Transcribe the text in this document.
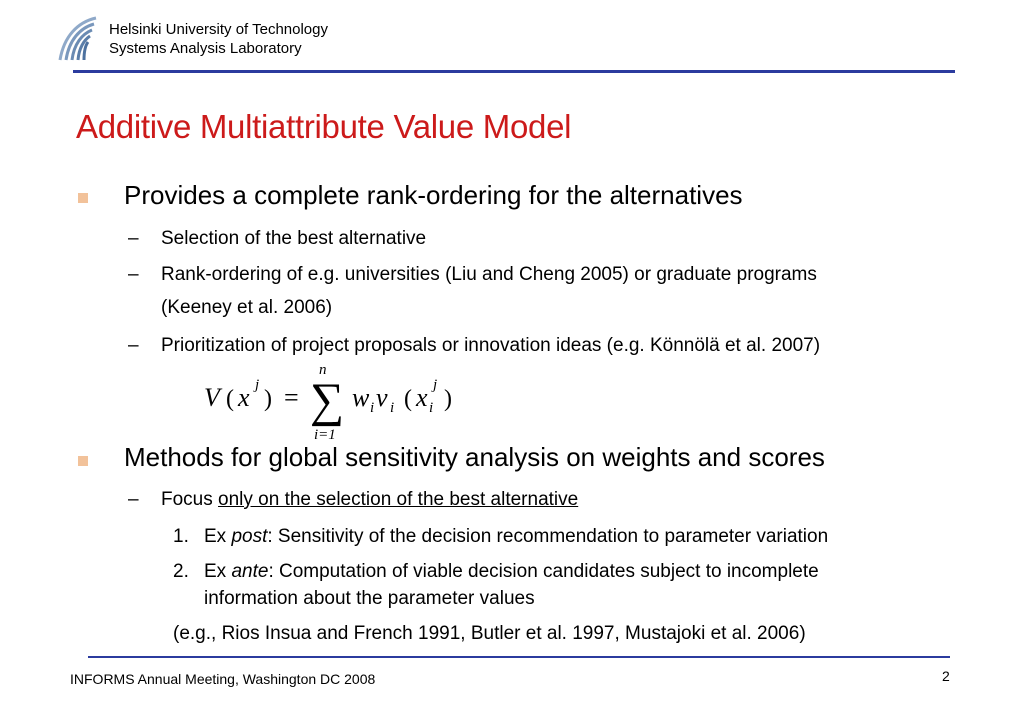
Helsinki University of Technology
Systems Analysis Laboratory
Additive Multiattribute Value Model
Provides a complete rank-ordering for the alternatives
– Selection of the best alternative
– Rank-ordering of e.g. universities (Liu and Cheng 2005) or graduate programs
(Keeney et al. 2006)
– Prioritization of project proposals or innovation ideas (e.g. Könnölä et al. 2007)
V ( x j
) = ∑
n
i=1
w i v i ( x j
i )
Methods for global sensitivity analysis on weights and scores
– Focus only on the selection of the best alternative
1. Ex post: Sensitivity of the decision recommendation to parameter variation
2. Ex ante: Computation of viable decision candidates subject to incomplete
information about the parameter values
(e.g., Rios Insua and French 1991, Butler et al. 1997, Mustajoki et al. 2006)
INFORMS Annual Meeting, Washington DC 2008	2
